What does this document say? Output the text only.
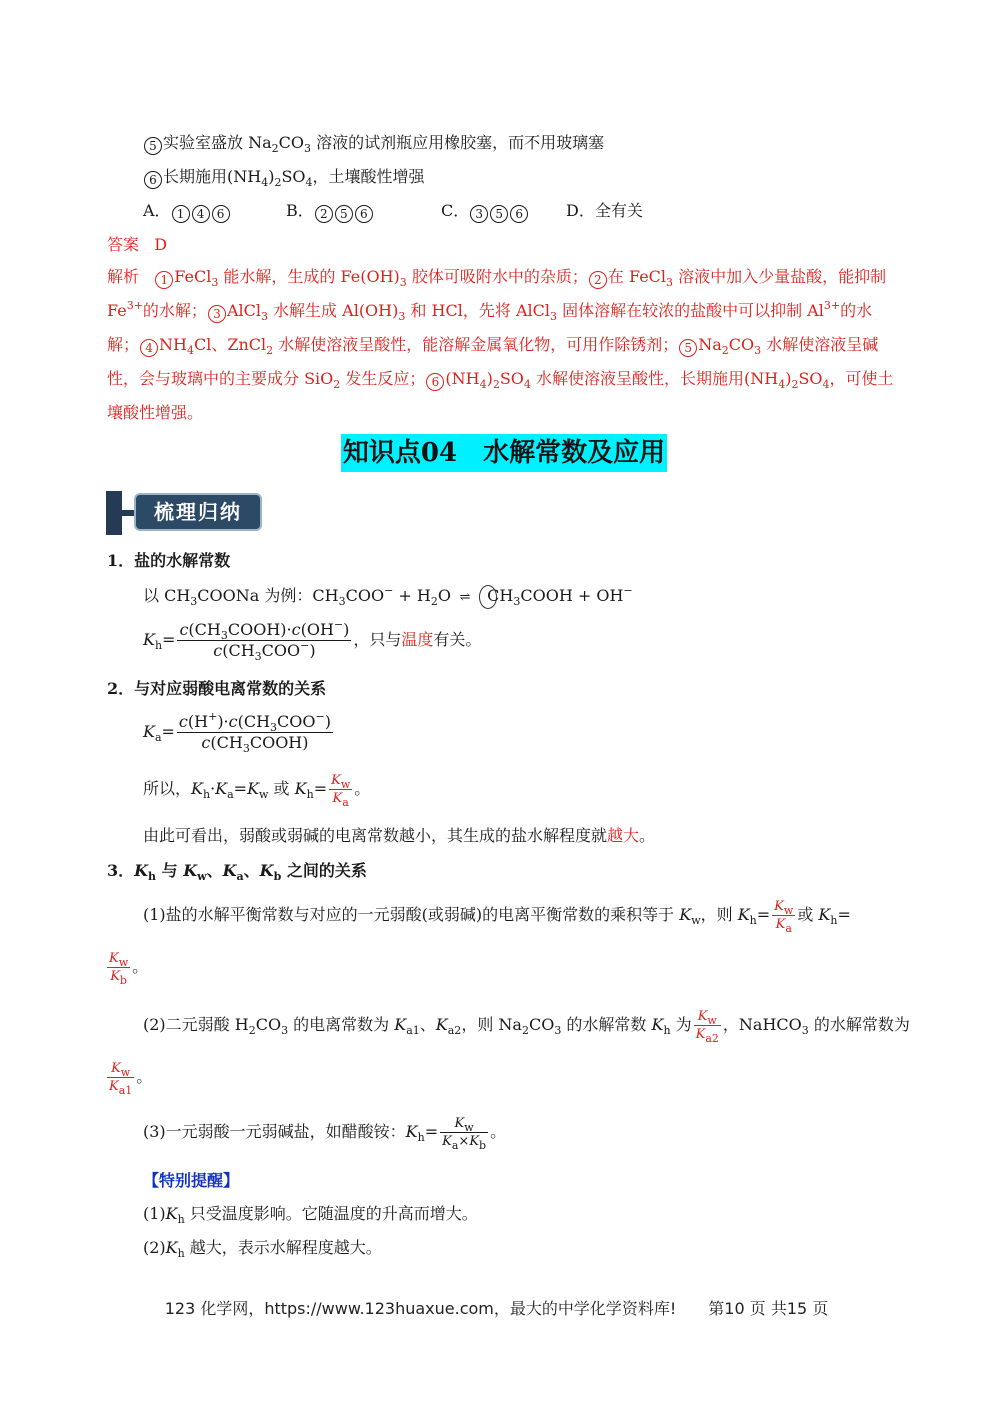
5 实验室盛放 $Na_2CO_3$ 溶液的试剂瓶应用橡胶塞，而不用玻璃塞
6 长期施用$(NH_4)_2SO_4$，土壤酸性增强
A． 1 4 6	B． 2 5 6	C． 3 5 6	D．全有关
答案 D
解析 1 FeCl$_3$ 能水解，生成的 $Fe(OH)_3$ 胶体可吸附水中的杂质； 2 在 FeCl$_3$ 溶液中加入少量盐酸，能抑制 $Fe^{3+}$的水解； 3 AlCl$_3$ 水解生成 $Al(OH)_3$ 和 HCl，先将 AlCl$_3$ 固体溶解在较浓的盐酸中可以抑制 $Al^{3+}$的水解； 4 $NH_4Cl$、ZnCl$_2$ 水解使溶液呈酸性，能溶解金属氧化物，可用作除锈剂； 5 $Na_2CO_3$ 水解使溶液呈碱性，会与玻璃中的主要成分 SiO$_2$ 发生反应； 6 $(NH_4)_2SO_4$ 水解使溶液呈酸性，长期施用$(NH_4)_2SO_4$，可使土壤酸性增强。
知识点04　水解常数及应用
梳理归纳
1．盐的水解常数
以 $CH_3COONa$ 为例：$CH_3COO^- + H_2O$ ⇌ $CH_3COOH + OH^-$
$K_h= \frac{c(CH_3COOH)\cdot c(OH^-)}{c(CH_3COO^-)}$ ，只与温度有关。
2．与对应弱酸电离常数的关系
$K_a= \frac{c(H^+)\cdot c(CH_3COO^-)}{c(CH_3COOH)}$
所以，$K_h\cdot K_a=K_w$ 或 $K_h= \frac{K_w}{K_a}$ 。
由此可看出，弱酸或弱碱的电离常数越小，其生成的盐水解程度就越大。
3．$K_h$ 与 $K_w$、$K_a$、$K_b$ 之间的关系
(1)盐的水解平衡常数与对应的一元弱酸(或弱碱)的电离平衡常数的乘积等于 $K_w$，则 $K_h= \frac{K_w}{K_a}$ 或 $K_h=$
$\frac{K_w}{K_b}$ 。
(2)二元弱酸 $H_2CO_3$ 的电离常数为 $K_{a1}$、$K_{a2}$，则 $Na_2CO_3$ 的水解常数 $K_h$ 为 $\frac{K_w}{K_{a2}}$ ，NaHCO$_3$ 的水解常数为
$\frac{K_w}{K_{a1}}$ 。
(3)一元弱酸一元弱碱盐，如醋酸铵：$K_h= \frac{K_w}{K_a\times K_b}$ 。
【特别提醒】
$(1)K_h$ 只受温度影响。它随温度的升高而增大。
$(2)K_h$ 越大，表示水解程度越大。
123 化学网，https://www.123huaxue.com，最大的中学化学资料库!　　第10 页 共15 页
